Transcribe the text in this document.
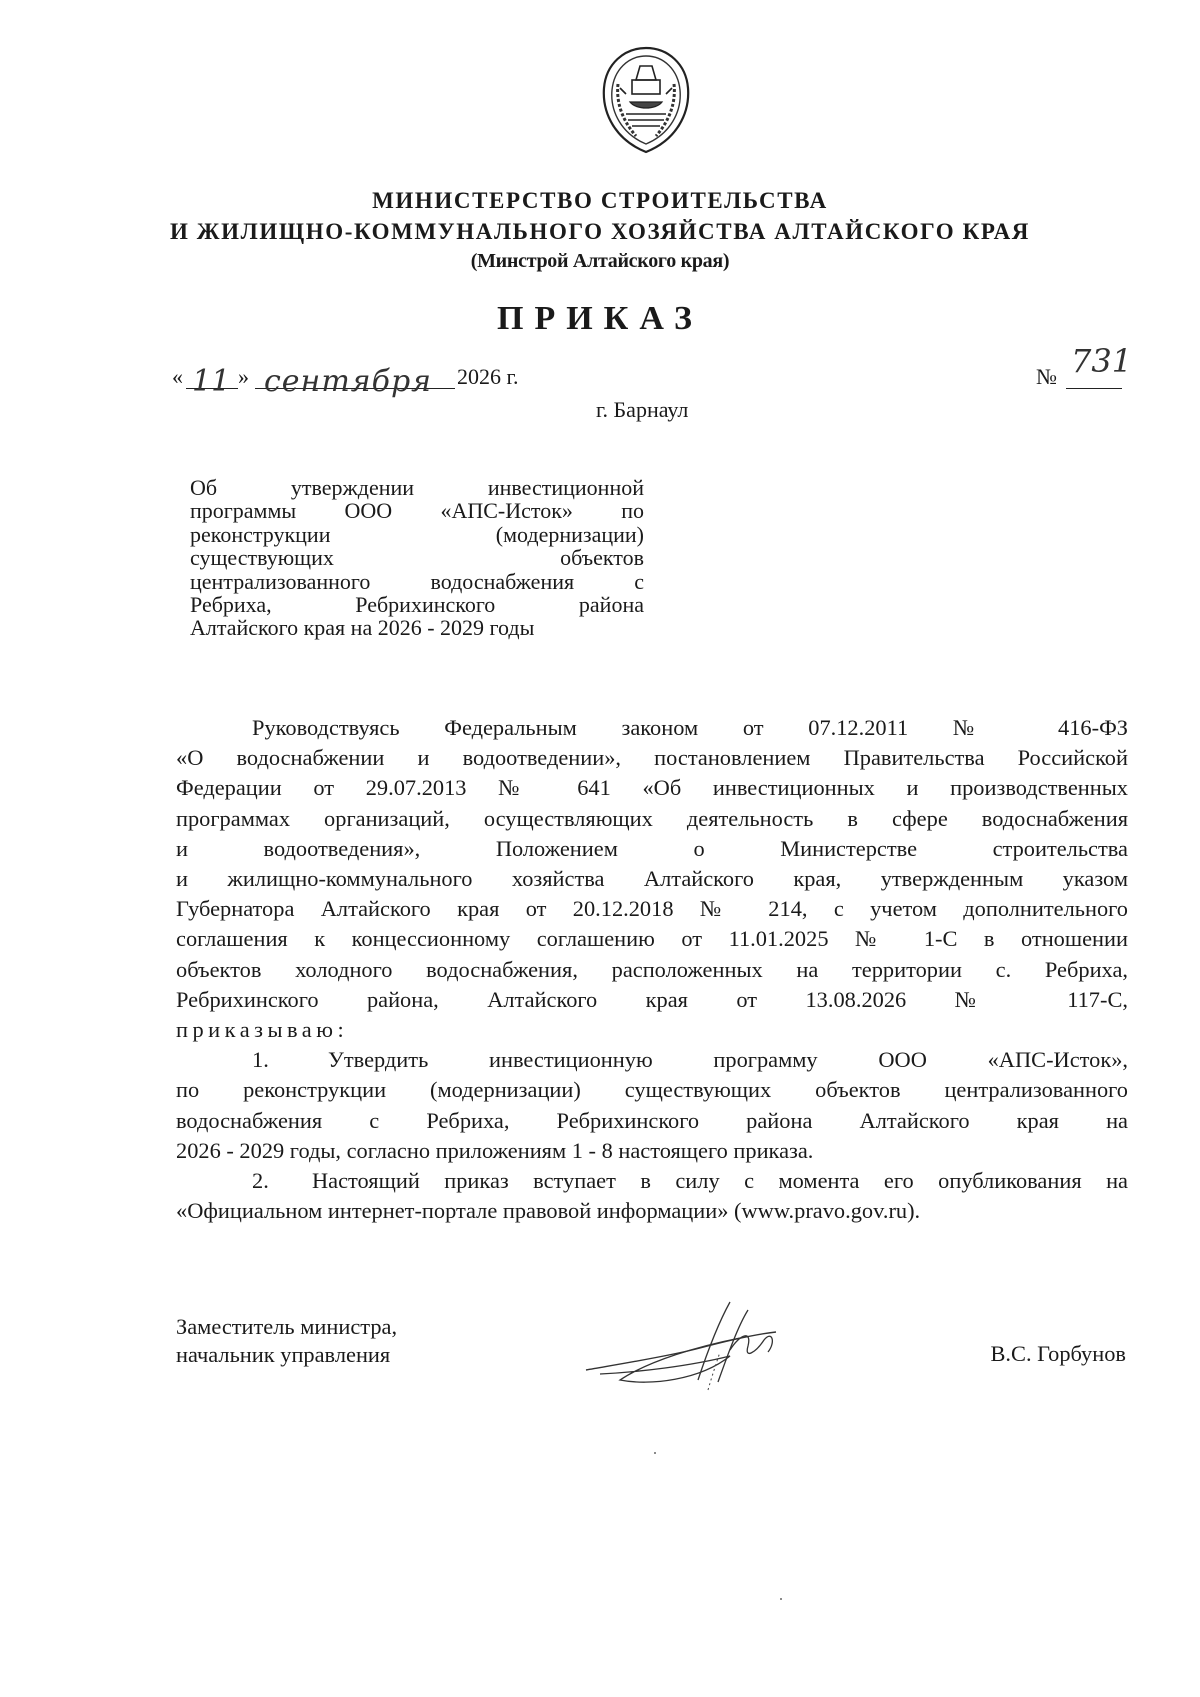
МИНИСТЕРСТВО СТРОИТЕЛЬСТВА
И ЖИЛИЩНО-КОММУНАЛЬНОГО ХОЗЯЙСТВА АЛТАЙСКОГО КРАЯ
(Минстрой Алтайского края)
ПРИКАЗ
« 11 » сентября 2026 г.	№ 731
г. Барнаул
Об утверждении инвестиционной
программы ООО «АПС-Исток» по
реконструкции (модернизации)
существующих объектов
централизованного водоснабжения с
Ребриха, Ребрихинского района
Алтайского края на 2026 - 2029 годы
Руководствуясь Федеральным законом от 07.12.2011 № 416-ФЗ
«О водоснабжении и водоотведении», постановлением Правительства Российской
Федерации от 29.07.2013 № 641 «Об инвестиционных и производственных
программах организаций, осуществляющих деятельность в сфере водоснабжения
и водоотведения», Положением о Министерстве строительства
и жилищно-коммунального хозяйства Алтайского края, утвержденным указом
Губернатора Алтайского края от 20.12.2018 № 214, с учетом дополнительного
соглашения к концессионному соглашению от 11.01.2025 № 1-С в отношении
объектов холодного водоснабжения, расположенных на территории с. Ребриха,
Ребрихинского района, Алтайского края от 13.08.2026 № 117-С,
приказываю:
1.	Утвердить инвестиционную программу ООО «АПС-Исток»,
по реконструкции (модернизации) существующих объектов централизованного
водоснабжения с Ребриха, Ребрихинского района Алтайского края на
2026 - 2029 годы, согласно приложениям 1 - 8 настоящего приказа.
2.	Настоящий приказ вступает в силу с момента его опубликования на
«Официальном интернет-портале правовой информации» (www.pravo.gov.ru).
Заместитель министра,
начальник управления	В.С. Горбунов
